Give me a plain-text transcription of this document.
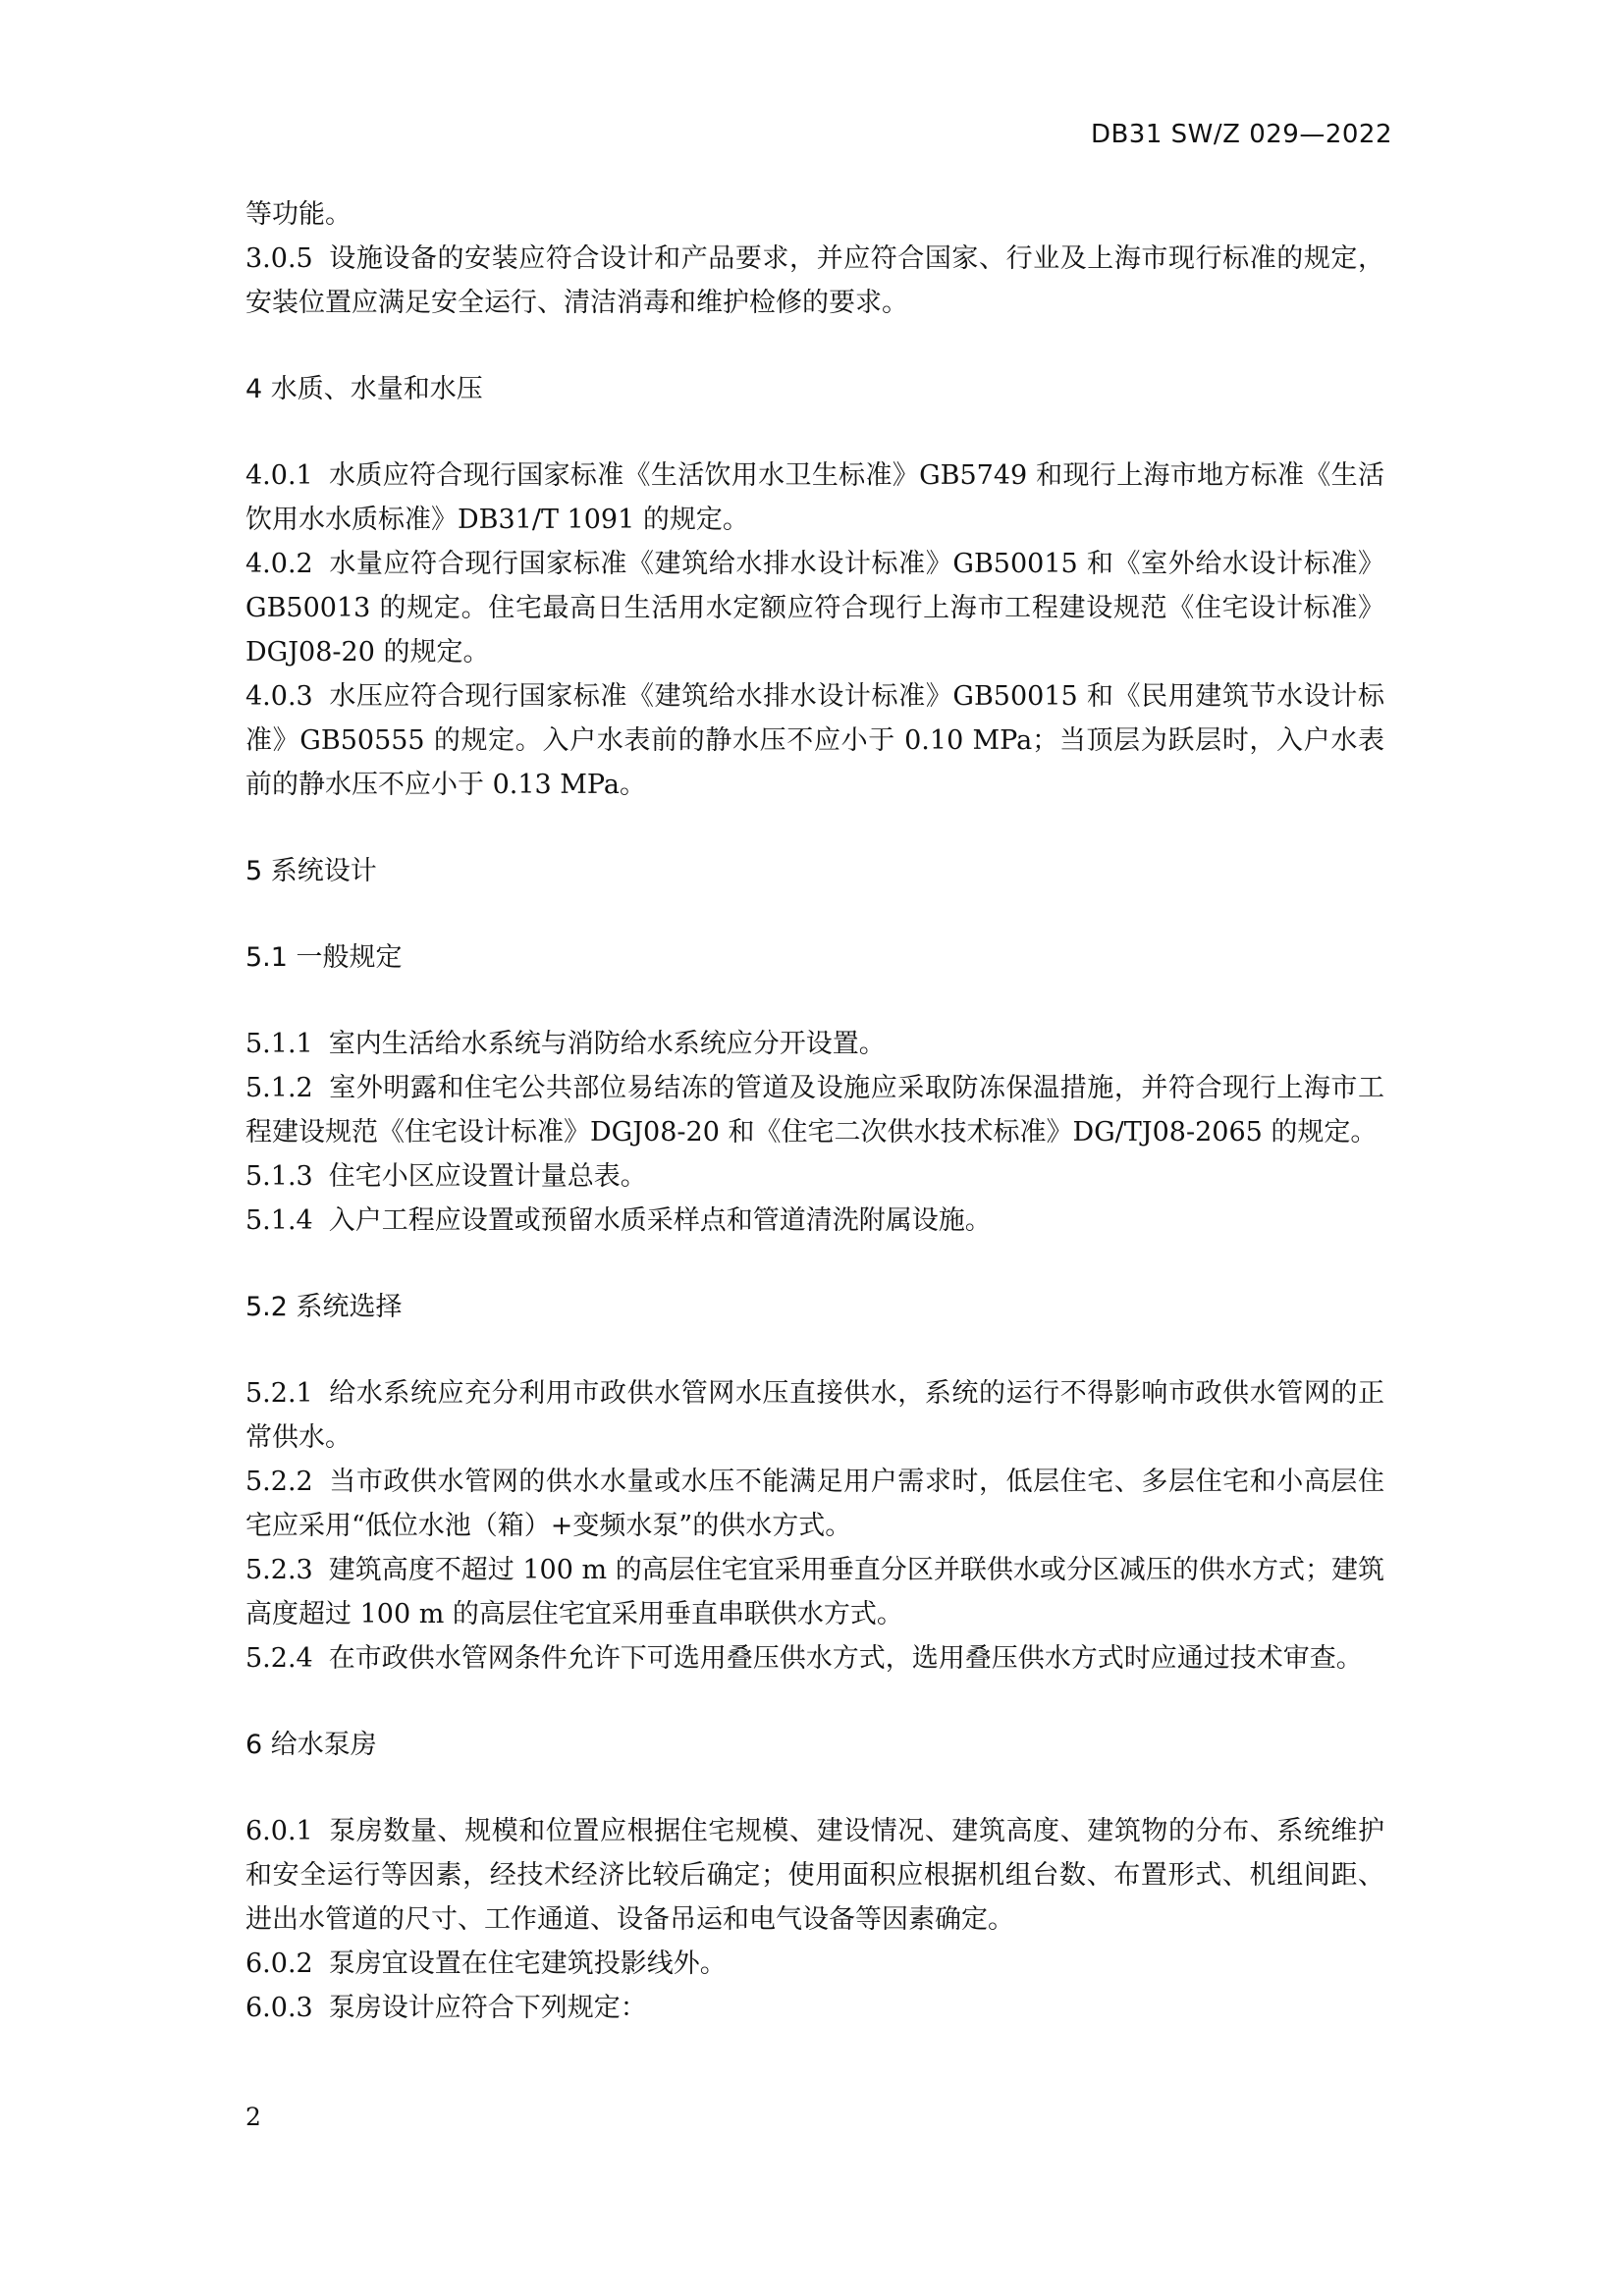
DB31 SW/Z 029—2022

等功能。

3.0.5 设施设备的安装应符合设计和产品要求，并应符合国家、行业及上海市现行标准的规定，安装位置应满足安全运行、清洁消毒和维护检修的要求。

4 水质、水量和水压

4.0.1 水质应符合现行国家标准《生活饮用水卫生标准》GB5749 和现行上海市地方标准《生活饮用水水质标准》DB31/T 1091 的规定。

4.0.2 水量应符合现行国家标准《建筑给水排水设计标准》GB50015 和《室外给水设计标准》GB50013 的规定。住宅最高日生活用水定额应符合现行上海市工程建设规范《住宅设计标准》DGJ08-20 的规定。

4.0.3 水压应符合现行国家标准《建筑给水排水设计标准》GB50015 和《民用建筑节水设计标准》GB50555 的规定。入户水表前的静水压不应小于 0.10 MPa；当顶层为跃层时，入户水表前的静水压不应小于 0.13 MPa。

5 系统设计
5.1 一般规定

5.1.1 室内生活给水系统与消防给水系统应分开设置。

5.1.2 室外明露和住宅公共部位易结冻的管道及设施应采取防冻保温措施，并符合现行上海市工程建设规范《住宅设计标准》DGJ08-20 和《住宅二次供水技术标准》DG/TJ08-2065 的规定。

5.1.3 住宅小区应设置计量总表。

5.1.4 入户工程应设置或预留水质采样点和管道清洗附属设施。

5.2 系统选择

5.2.1 给水系统应充分利用市政供水管网水压直接供水，系统的运行不得影响市政供水管网的正常供水。

5.2.2 当市政供水管网的供水水量或水压不能满足用户需求时，低层住宅、多层住宅和小高层住宅应采用“低位水池（箱）+变频水泵”的供水方式。

5.2.3 建筑高度不超过 100 m 的高层住宅宜采用垂直分区并联供水或分区减压的供水方式；建筑高度超过 100 m 的高层住宅宜采用垂直串联供水方式。

5.2.4 在市政供水管网条件允许下可选用叠压供水方式，选用叠压供水方式时应通过技术审查。

6 给水泵房

6.0.1 泵房数量、规模和位置应根据住宅规模、建设情况、建筑高度、建筑物的分布、系统维护和安全运行等因素，经技术经济比较后确定；使用面积应根据机组台数、布置形式、机组间距、进出水管道的尺寸、工作通道、设备吊运和电气设备等因素确定。

6.0.2 泵房宜设置在住宅建筑投影线外。

6.0.3 泵房设计应符合下列规定：

2
